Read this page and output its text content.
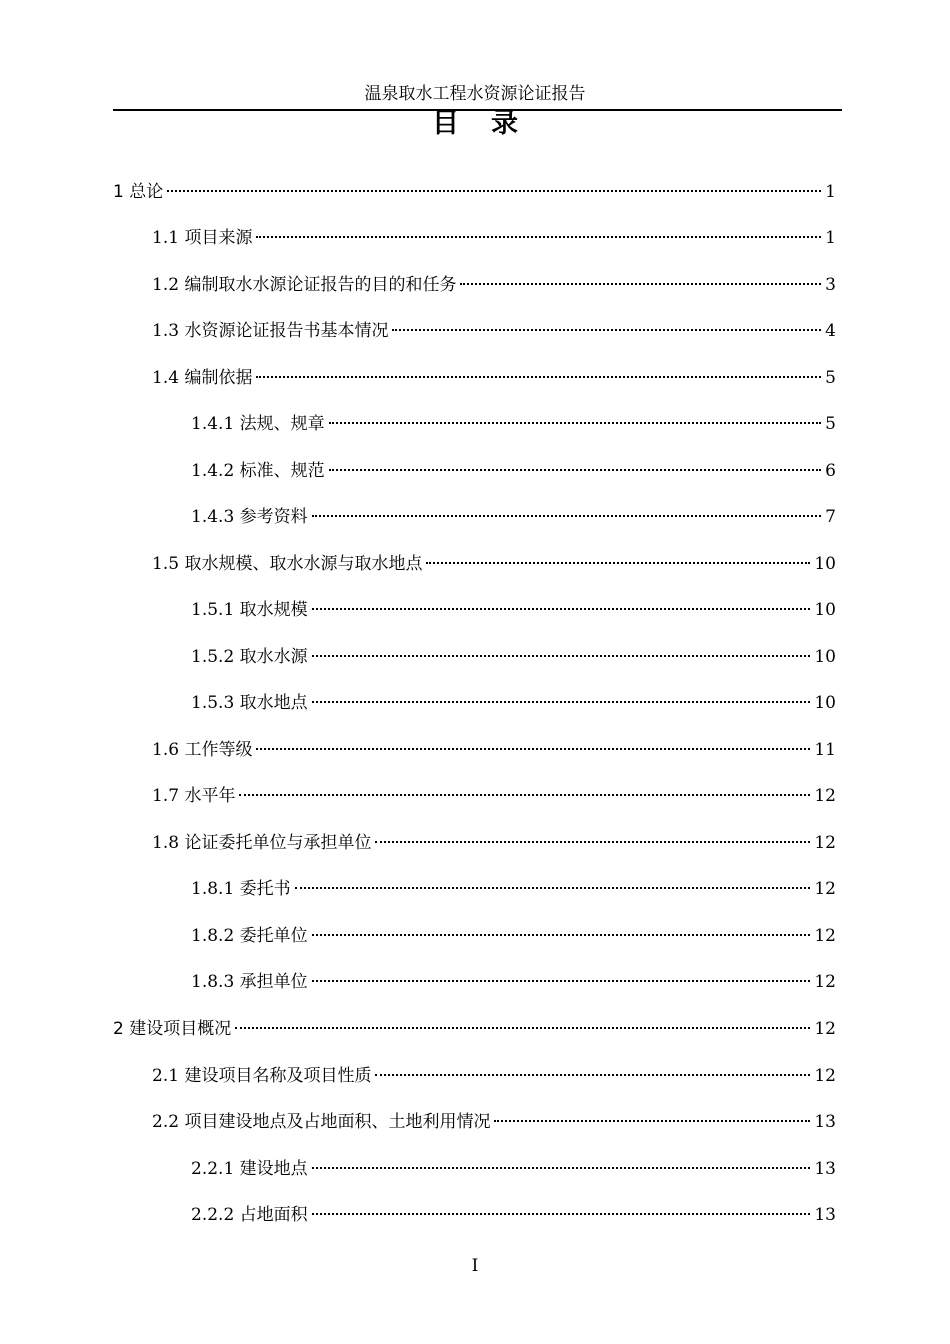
温泉取水工程水资源论证报告
目 录
1 总论	1
1.1 项目来源	1
1.2 编制取水水源论证报告的目的和任务	3
1.3 水资源论证报告书基本情况	4
1.4 编制依据	5
1.4.1 法规、规章	5
1.4.2 标准、规范	6
1.4.3 参考资料	7
1.5 取水规模、取水水源与取水地点	10
1.5.1 取水规模	10
1.5.2 取水水源	10
1.5.3 取水地点	10
1.6 工作等级	11
1.7 水平年	12
1.8 论证委托单位与承担单位	12
1.8.1 委托书	12
1.8.2 委托单位	12
1.8.3 承担单位	12
2 建设项目概况	12
2.1 建设项目名称及项目性质	12
2.2 项目建设地点及占地面积、土地利用情况	13
2.2.1 建设地点	13
2.2.2 占地面积	13
I
